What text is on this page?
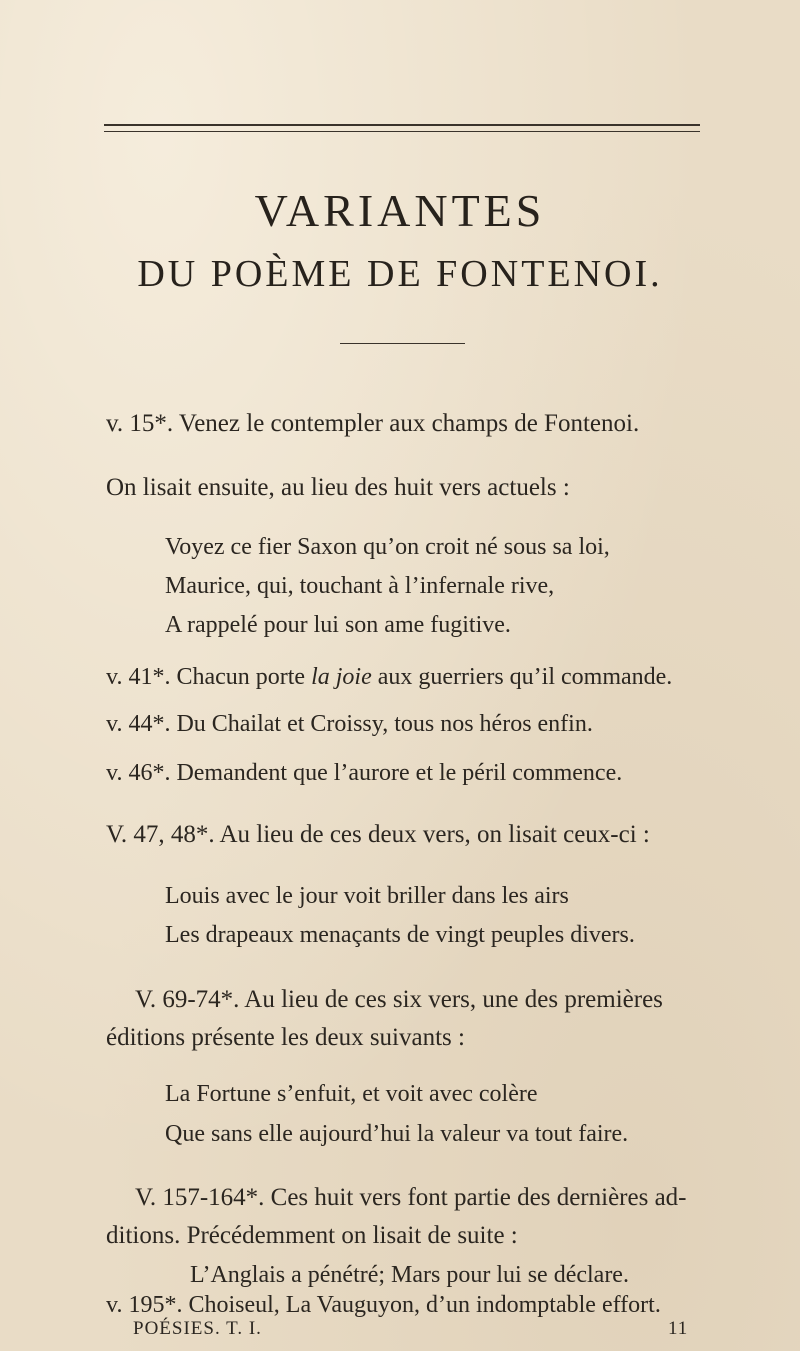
VARIANTES
DU POÈME DE FONTENOI.
v. 15*. Venez le contempler aux champs de Fontenoi.
On lisait ensuite, au lieu des huit vers actuels :
Voyez ce fier Saxon qu’on croit né sous sa loi,
Maurice, qui, touchant à l’infernale rive,
A rappelé pour lui son ame fugitive.
v. 41*. Chacun porte la joie aux guerriers qu’il commande.
v. 44*. Du Chailat et Croissy, tous nos héros enfin.
v. 46*. Demandent que l’aurore et le péril commence.
V. 47, 48*. Au lieu de ces deux vers, on lisait ceux-ci :
Louis avec le jour voit briller dans les airs
Les drapeaux menaçants de vingt peuples divers.
V. 69-74*. Au lieu de ces six vers, une des premières
éditions présente les deux suivants :
La Fortune s’enfuit, et voit avec colère
Que sans elle aujourd’hui la valeur va tout faire.
V. 157-164*. Ces huit vers font partie des dernières ad-
ditions. Précédemment on lisait de suite :
L’Anglais a pénétré; Mars pour lui se déclare.
v. 195*. Choiseul, La Vauguyon, d’un indomptable effort.
POÉSIES. T. I.	11
